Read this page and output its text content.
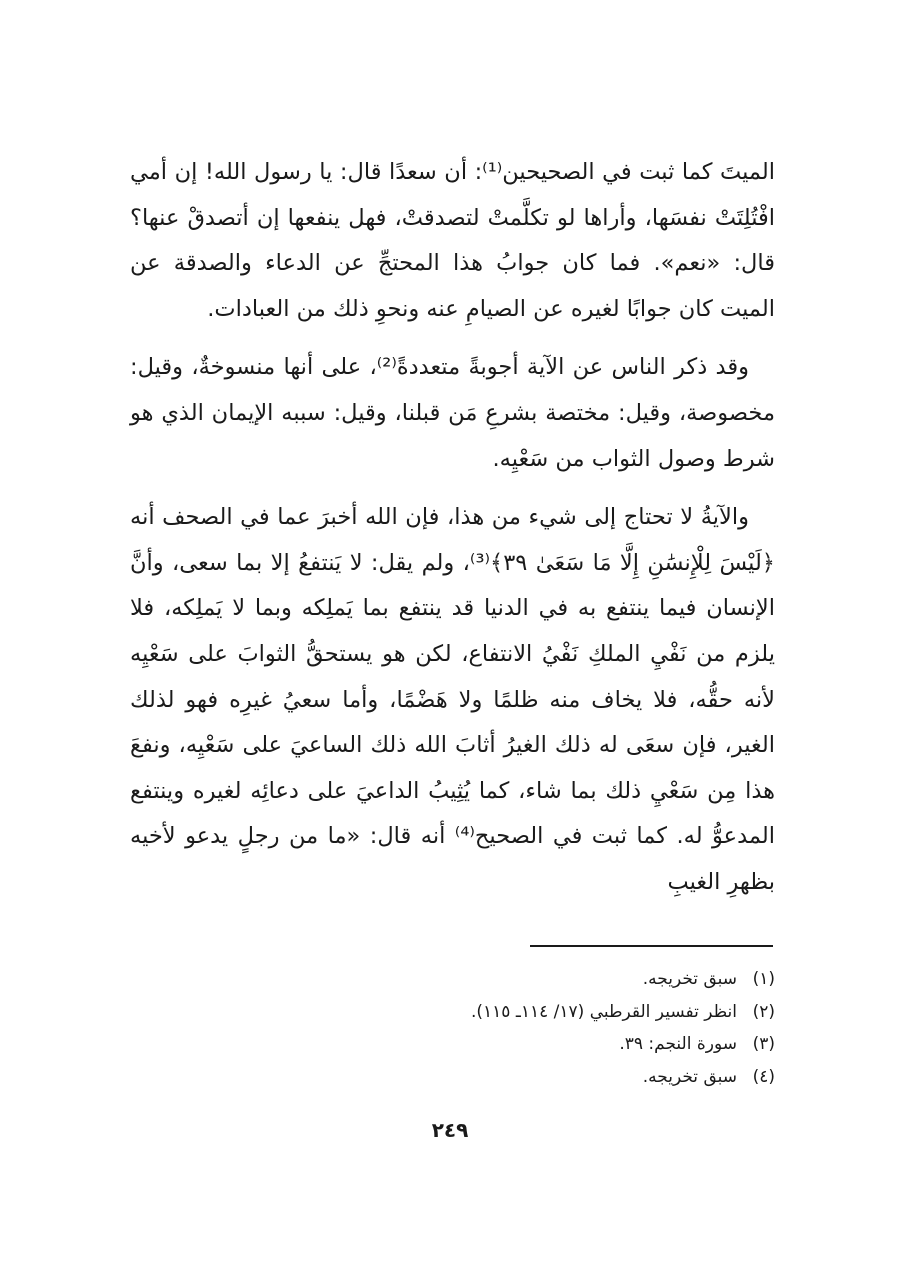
الميتَ كما ثبت في الصحيحين⁽¹⁾: أن سعدًا قال: يا رسول الله! إن أمي افْتُلِتَتْ نفسَها، وأراها لو تكلَّمتْ لتصدقتْ، فهل ينفعها إن أتصدقْ عنها؟ قال: «نعم». فما كان جوابُ هذا المحتجِّ عن الدعاء والصدقة عن الميت كان جوابًا لغيره عن الصيامِ عنه ونحوِ ذلك من العبادات.

وقد ذكر الناس عن الآية أجوبةً متعددةً⁽²⁾، على أنها منسوخةٌ، وقيل: مخصوصة، وقيل: مختصة بشرعِ مَن قبلنا، وقيل: سببه الإيمان الذي هو شرط وصول الثواب من سَعْيِه.

والآيةُ لا تحتاج إلى شيء من هذا، فإن الله أخبرَ عما في الصحف أنه ﴿لَيْسَ لِلْإِنسَٰنِ إِلَّا مَا سَعَىٰ ٣٩﴾⁽³⁾، ولم يقل: لا يَنتفعُ إلا بما سعى، وأنَّ الإنسان فيما ينتفع به في الدنيا قد ينتفع بما يَملِكه وبما لا يَملِكه، فلا يلزم من نَفْيِ الملكِ نَفْيُ الانتفاع، لكن هو يستحقُّ الثوابَ على سَعْيِه لأنه حقُّه، فلا يخاف منه ظلمًا ولا هَضْمًا، وأما سعيُ غيرِه فهو لذلك الغير، فإن سعَى له ذلك الغيرُ أثابَ الله ذلك الساعيَ على سَعْيِه، ونفعَ هذا مِن سَعْيِ ذلك بما شاء، كما يُثِيبُ الداعيَ على دعائِه لغيره وينتفع المدعوُّ له. كما ثبت في الصحيح⁽⁴⁾ أنه قال: «ما من رجلٍ يدعو لأخيه بظهرِ الغيبِ

(١)سبق تخريجه.
(٢)انظر تفسير القرطبي (١٧/ ١١٤ـ ١١٥).
(٣)سورة النجم: ٣٩.
(٤)سبق تخريجه.
٢٤٩
